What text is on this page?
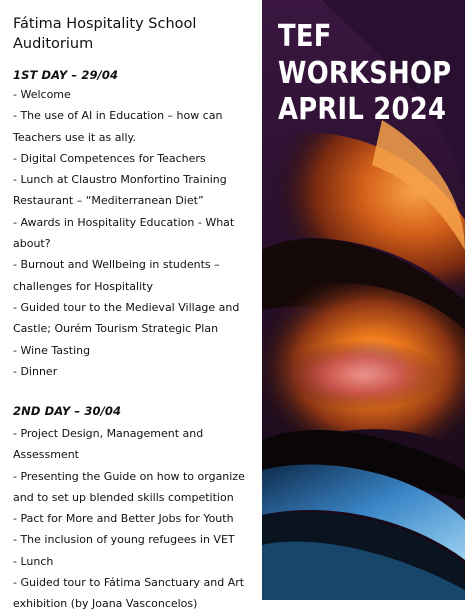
Fátima Hospitality School
Auditorium
1ST DAY – 29/04
- Welcome
- The use of AI in Education – how can Teachers use it as ally.
- Digital Competences for Teachers
- Lunch at Claustro Monfortino Training Restaurant – “Mediterranean Diet”
- Awards in Hospitality Education - What about?
- Burnout and Wellbeing in students – challenges for Hospitality
- Guided tour to the Medieval Village and Castle; Ourém Tourism Strategic Plan
- Wine Tasting
- Dinner
2ND DAY – 30/04
- Project Design, Management and Assessment
- Presenting the Guide on how to organize and to set up blended skills competition
- Pact for More and Better Jobs for Youth
- The inclusion of young refugees in VET
- Lunch
- Guided tour to Fátima Sanctuary and Art exhibition (by Joana Vasconcelos)
TEF
WORKSHOP
APRIL 2024
